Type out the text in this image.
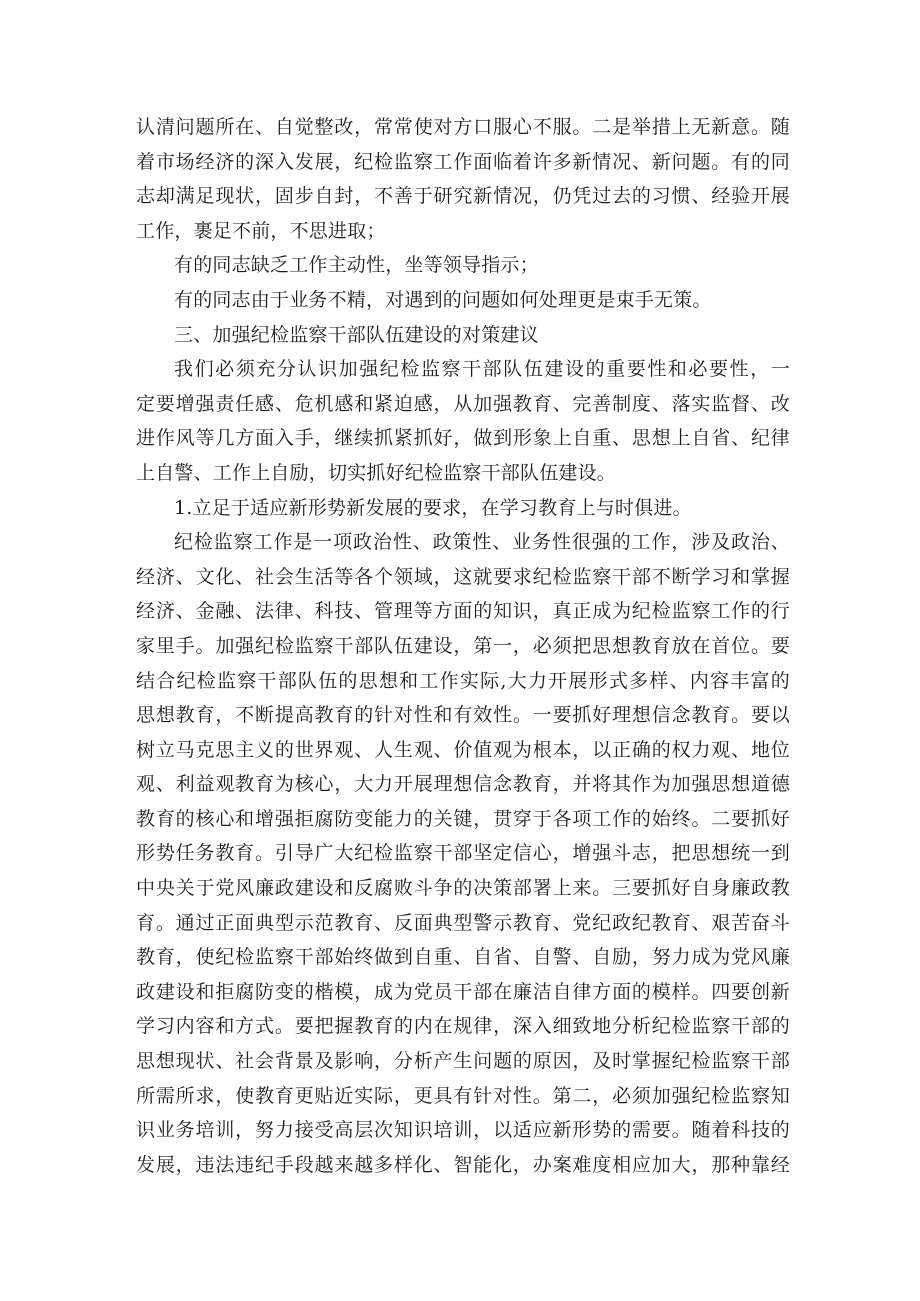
认清问题所在、自觉整改，常常使对方口服心不服。二是举措上无新意。随
着市场经济的深入发展，纪检监察工作面临着许多新情况、新问题。有的同
志却满足现状，固步自封，不善于研究新情况，仍凭过去的习惯、经验开展
工作，裹足不前，不思进取；
有的同志缺乏工作主动性，坐等领导指示；
有的同志由于业务不精，对遇到的问题如何处理更是束手无策。
三、加强纪检监察干部队伍建设的对策建议
我们必须充分认识加强纪检监察干部队伍建设的重要性和必要性，一
定要增强责任感、危机感和紧迫感，从加强教育、完善制度、落实监督、改
进作风等几方面入手，继续抓紧抓好，做到形象上自重、思想上自省、纪律
上自警、工作上自励，切实抓好纪检监察干部队伍建设。
1.立足于适应新形势新发展的要求，在学习教育上与时俱进。
纪检监察工作是一项政治性、政策性、业务性很强的工作，涉及政治、
经济、文化、社会生活等各个领域，这就要求纪检监察干部不断学习和掌握
经济、金融、法律、科技、管理等方面的知识，真正成为纪检监察工作的行
家里手。加强纪检监察干部队伍建设，第一，必须把思想教育放在首位。要
结合纪检监察干部队伍的思想和工作实际,大力开展形式多样、内容丰富的
思想教育，不断提高教育的针对性和有效性。一要抓好理想信念教育。要以
树立马克思主义的世界观、人生观、价值观为根本，以正确的权力观、地位
观、利益观教育为核心，大力开展理想信念教育，并将其作为加强思想道德
教育的核心和增强拒腐防变能力的关键，贯穿于各项工作的始终。二要抓好
形势任务教育。引导广大纪检监察干部坚定信心，增强斗志，把思想统一到
中央关于党风廉政建设和反腐败斗争的决策部署上来。三要抓好自身廉政教
育。通过正面典型示范教育、反面典型警示教育、党纪政纪教育、艰苦奋斗
教育，使纪检监察干部始终做到自重、自省、自警、自励，努力成为党风廉
政建设和拒腐防变的楷模，成为党员干部在廉洁自律方面的模样。四要创新
学习内容和方式。要把握教育的内在规律，深入细致地分析纪检监察干部的
思想现状、社会背景及影响，分析产生问题的原因，及时掌握纪检监察干部
所需所求，使教育更贴近实际，更具有针对性。第二，必须加强纪检监察知
识业务培训，努力接受高层次知识培训，以适应新形势的需要。随着科技的
发展，违法违纪手段越来越多样化、智能化，办案难度相应加大，那种靠经
